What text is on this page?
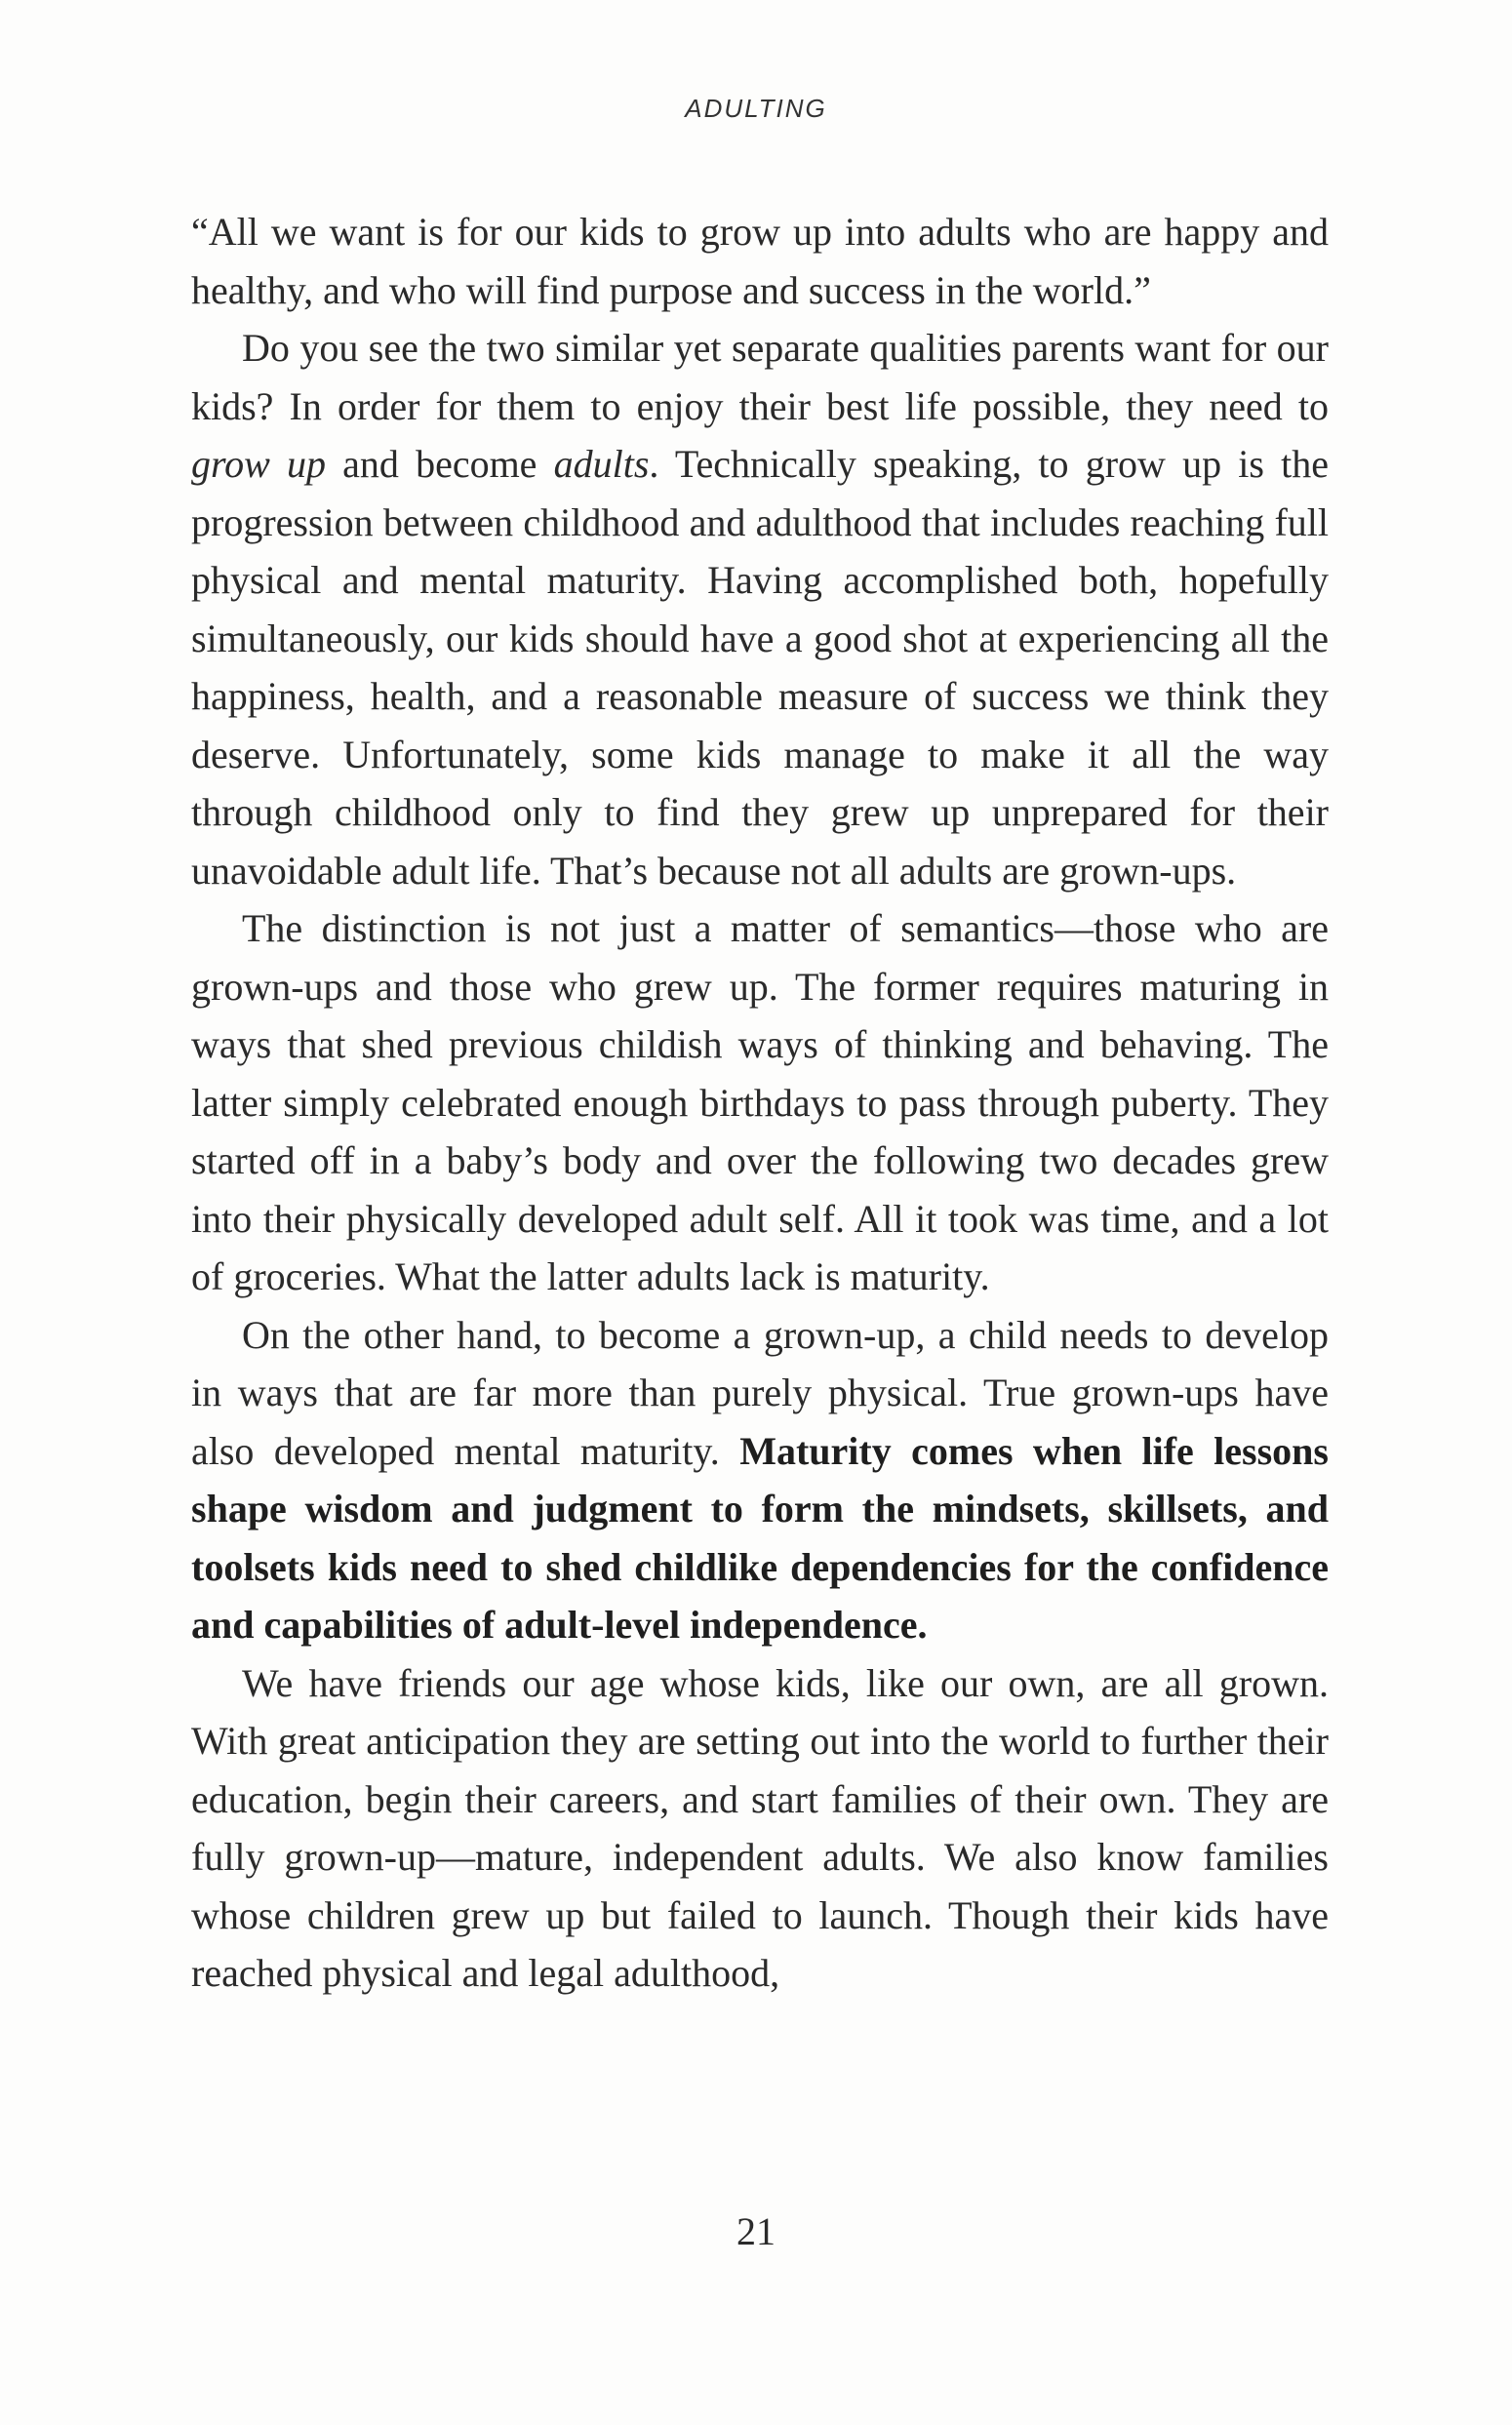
ADULTING

“All we want is for our kids to grow up into adults who are happy and healthy, and who will find purpose and success in the world.”

Do you see the two similar yet separate qualities parents want for our kids? In order for them to enjoy their best life possible, they need to grow up and become adults. Technically speaking, to grow up is the progression between childhood and adulthood that includes reaching full physical and mental maturity. Having accomplished both, hopefully simultaneously, our kids should have a good shot at experiencing all the happiness, health, and a reasonable measure of success we think they deserve. Unfortunately, some kids manage to make it all the way through childhood only to find they grew up unprepared for their unavoidable adult life. That’s because not all adults are grown-ups.

The distinction is not just a matter of semantics—those who are grown-ups and those who grew up. The former requires maturing in ways that shed previous childish ways of thinking and behaving. The latter simply celebrated enough birthdays to pass through puberty. They started off in a baby’s body and over the following two decades grew into their physically developed adult self. All it took was time, and a lot of groceries. What the latter adults lack is maturity.

On the other hand, to become a grown-up, a child needs to develop in ways that are far more than purely physical. True grown-ups have also developed mental maturity. Maturity comes when life lessons shape wisdom and judgment to form the mindsets, skillsets, and toolsets kids need to shed childlike dependencies for the confidence and capabilities of adult-level independence.

We have friends our age whose kids, like our own, are all grown. With great anticipation they are setting out into the world to further their education, begin their careers, and start families of their own. They are fully grown-up—mature, independent adults. We also know families whose children grew up but failed to launch. Though their kids have reached physical and legal adulthood,

21
